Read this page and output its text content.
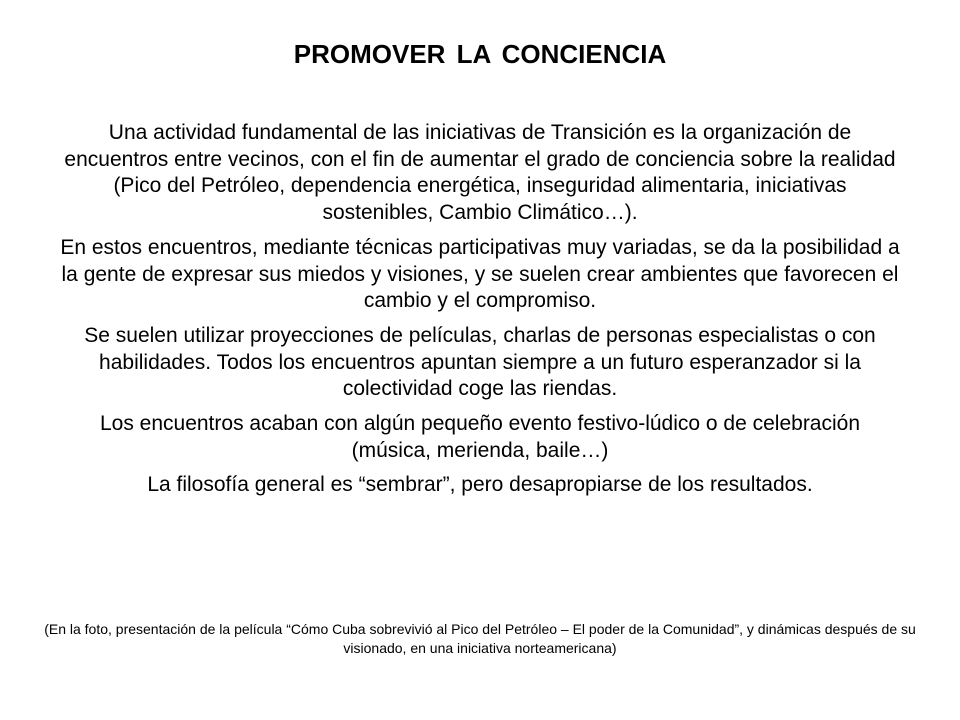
PROMOVER LA CONCIENCIA

Una actividad fundamental de las iniciativas de Transición es la organización de encuentros entre vecinos, con el fin de aumentar el grado de conciencia sobre la realidad (Pico del Petróleo, dependencia energética, inseguridad alimentaria, iniciativas sostenibles, Cambio Climático…).

En estos encuentros, mediante técnicas participativas muy variadas, se da la posibilidad a la gente de expresar sus miedos y visiones, y se suelen crear ambientes que favorecen el cambio y el compromiso.

Se suelen utilizar proyecciones de películas, charlas de personas especialistas o con habilidades. Todos los encuentros apuntan siempre a un futuro esperanzador si la colectividad coge las riendas.

Los encuentros acaban con algún pequeño evento festivo-lúdico o de celebración (música, merienda, baile…)

La filosofía general es “sembrar”, pero desapropiarse de los resultados.

(En la foto, presentación de la película “Cómo Cuba sobrevivió al Pico del Petróleo – El poder de la Comunidad”, y dinámicas después de su visionado, en una iniciativa norteamericana)
